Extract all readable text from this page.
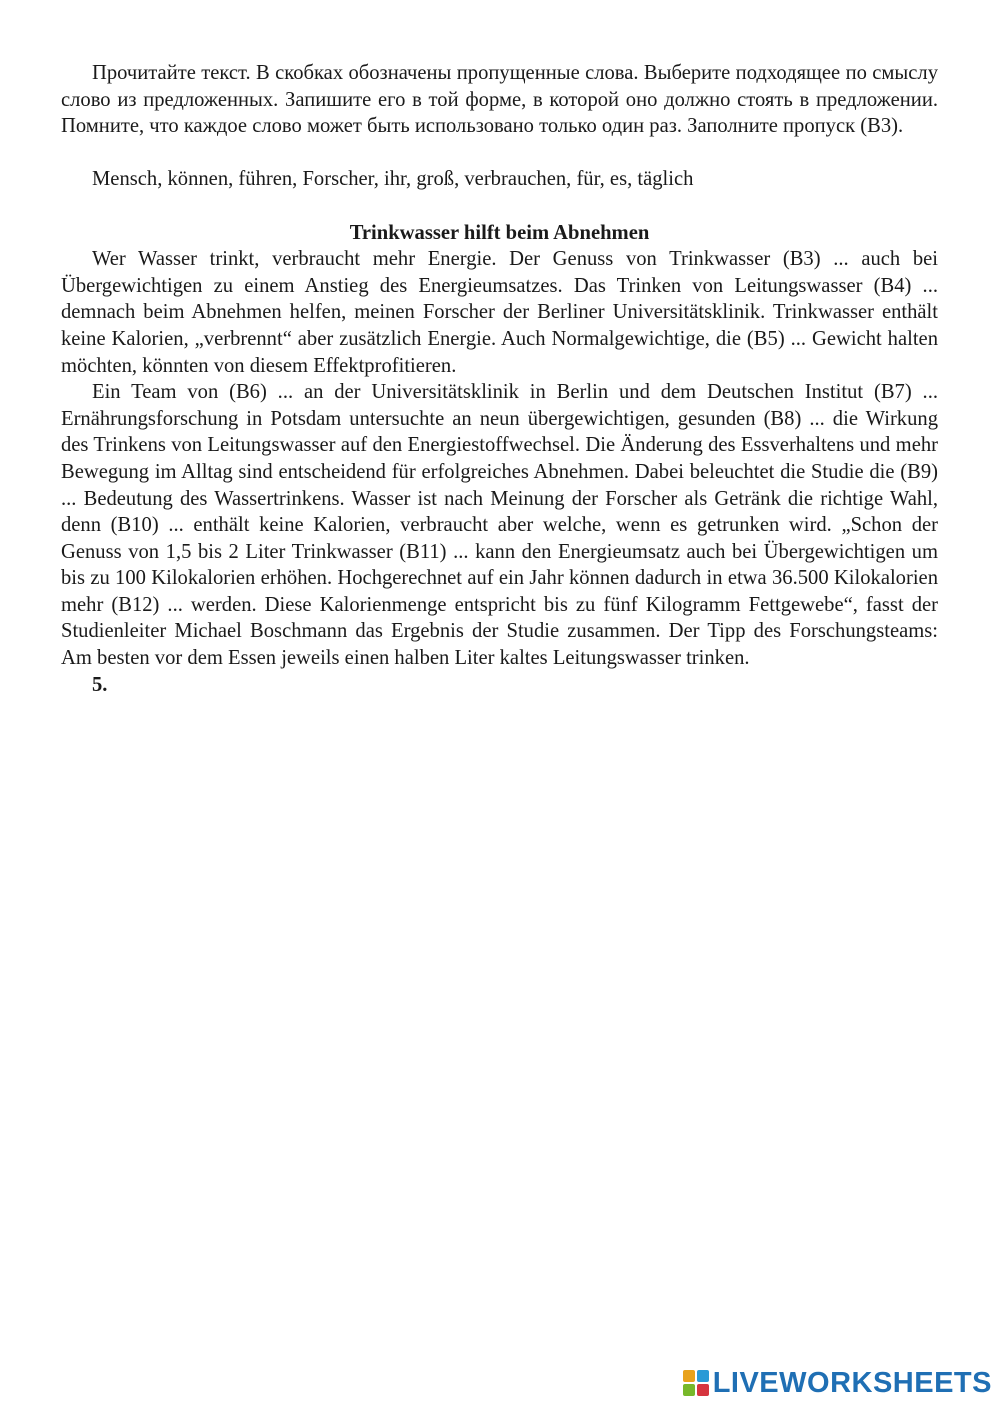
Прочитайте текст. В скобках обозначены пропущенные слова. Выберите подходящее по смыслу слово из предложенных. Запишите его в той форме, в которой оно должно стоять в предложении. Помните, что каждое слово может быть использовано только один раз. Заполните пропуск (B3).

Mensch, können, führen, Forscher, ihr, groß, verbrauchen, für, es, täglich

Trinkwasser hilft beim Abnehmen

Wer Wasser trinkt, verbraucht mehr Energie. Der Genuss von Trinkwasser (B3) ... auch bei Übergewichtigen zu einem Anstieg des Energieumsatzes. Das Trinken von Leitungswasser (B4) ... demnach beim Abnehmen helfen, meinen Forscher der Berliner Universitätsklinik. Trinkwasser enthält keine Kalorien, „verbrennt“ aber zusätzlich Energie. Auch Normalgewichtige, die (B5) ... Gewicht halten möchten, könnten von diesem Effektprofitieren.

Ein Team von (B6) ... an der Universitätsklinik in Berlin und dem Deutschen Institut (B7) ... Ernährungsforschung in Potsdam untersuchte an neun übergewichtigen, gesunden (B8) ... die Wirkung des Trinkens von Leitungswasser auf den Energiestoffwechsel. Die Änderung des Essverhaltens und mehr Bewegung im Alltag sind entscheidend für erfolgreiches Abnehmen. Dabei beleuchtet die Studie die (B9) ... Bedeutung des Wassertrinkens. Wasser ist nach Meinung der Forscher als Getränk die richtige Wahl, denn (B10) ... enthält keine Kalorien, verbraucht aber welche, wenn es getrunken wird. „Schon der Genuss von 1,5 bis 2 Liter Trinkwasser (B11) ... kann den Energieumsatz auch bei Übergewichtigen um bis zu 100 Kilokalorien erhöhen. Hochgerechnet auf ein Jahr können dadurch in etwa 36.500 Kilokalorien mehr (B12) ... werden. Diese Kalorienmenge entspricht bis zu fünf Kilogramm Fettgewebe“, fasst der Studienleiter Michael Boschmann das Ergebnis der Studie zusammen. Der Tipp des Forschungsteams: Am besten vor dem Essen jeweils einen halben Liter kaltes Leitungswasser trinken.

5.

LIVEWORKSHEETS
